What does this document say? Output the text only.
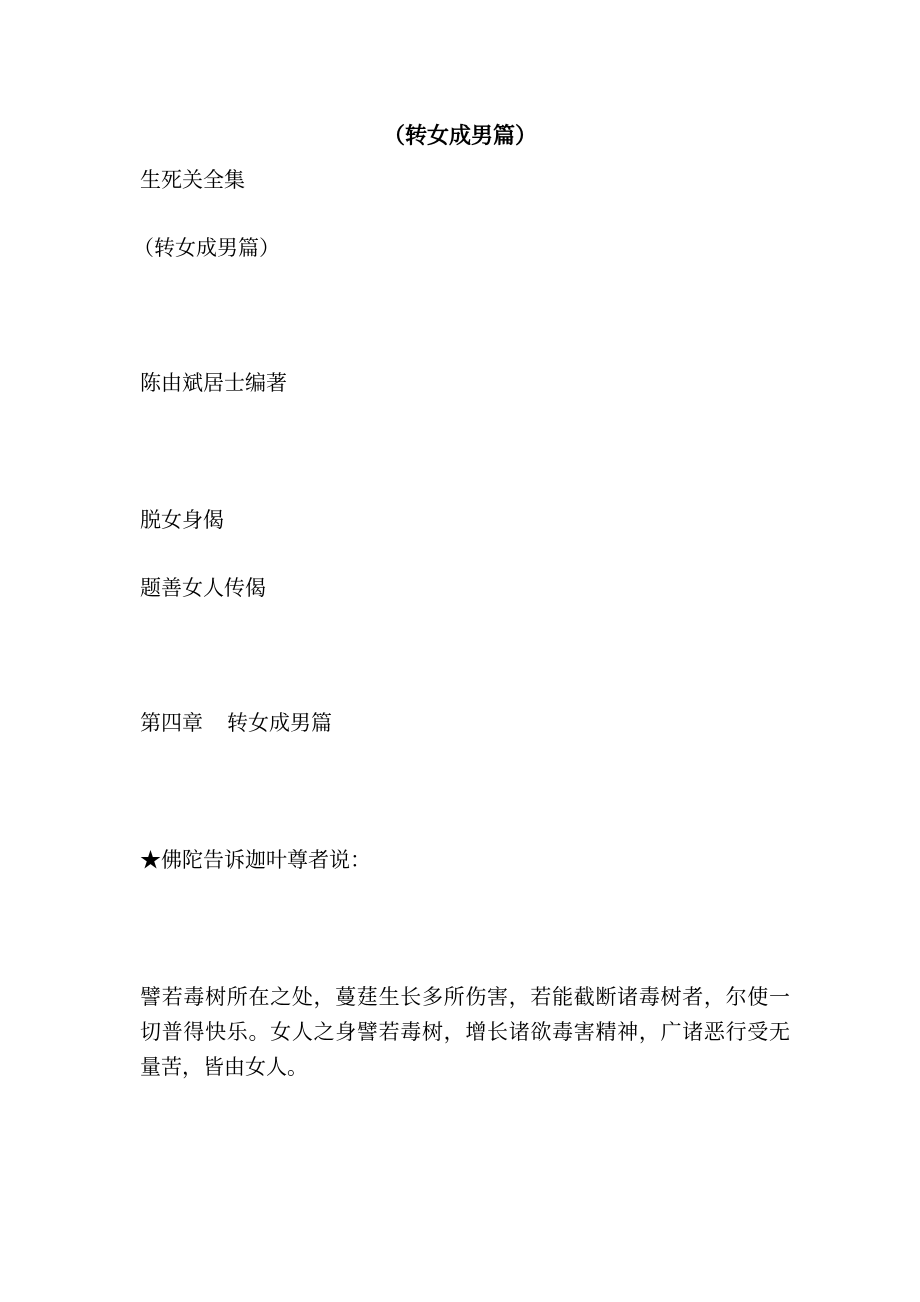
（转女成男篇）
生死关全集
（转女成男篇）
陈由斌居士编著
脱女身偈
题善女人传偈
第四章 转女成男篇
★佛陀告诉迦叶尊者说：
譬若毒树所在之处，蔓莛生长多所伤害，若能截断诸毒树者，尔使一切普得快乐。女人之身譬若毒树，增长诸欲毒害精神，广诸恶行受无量苦，皆由女人。
